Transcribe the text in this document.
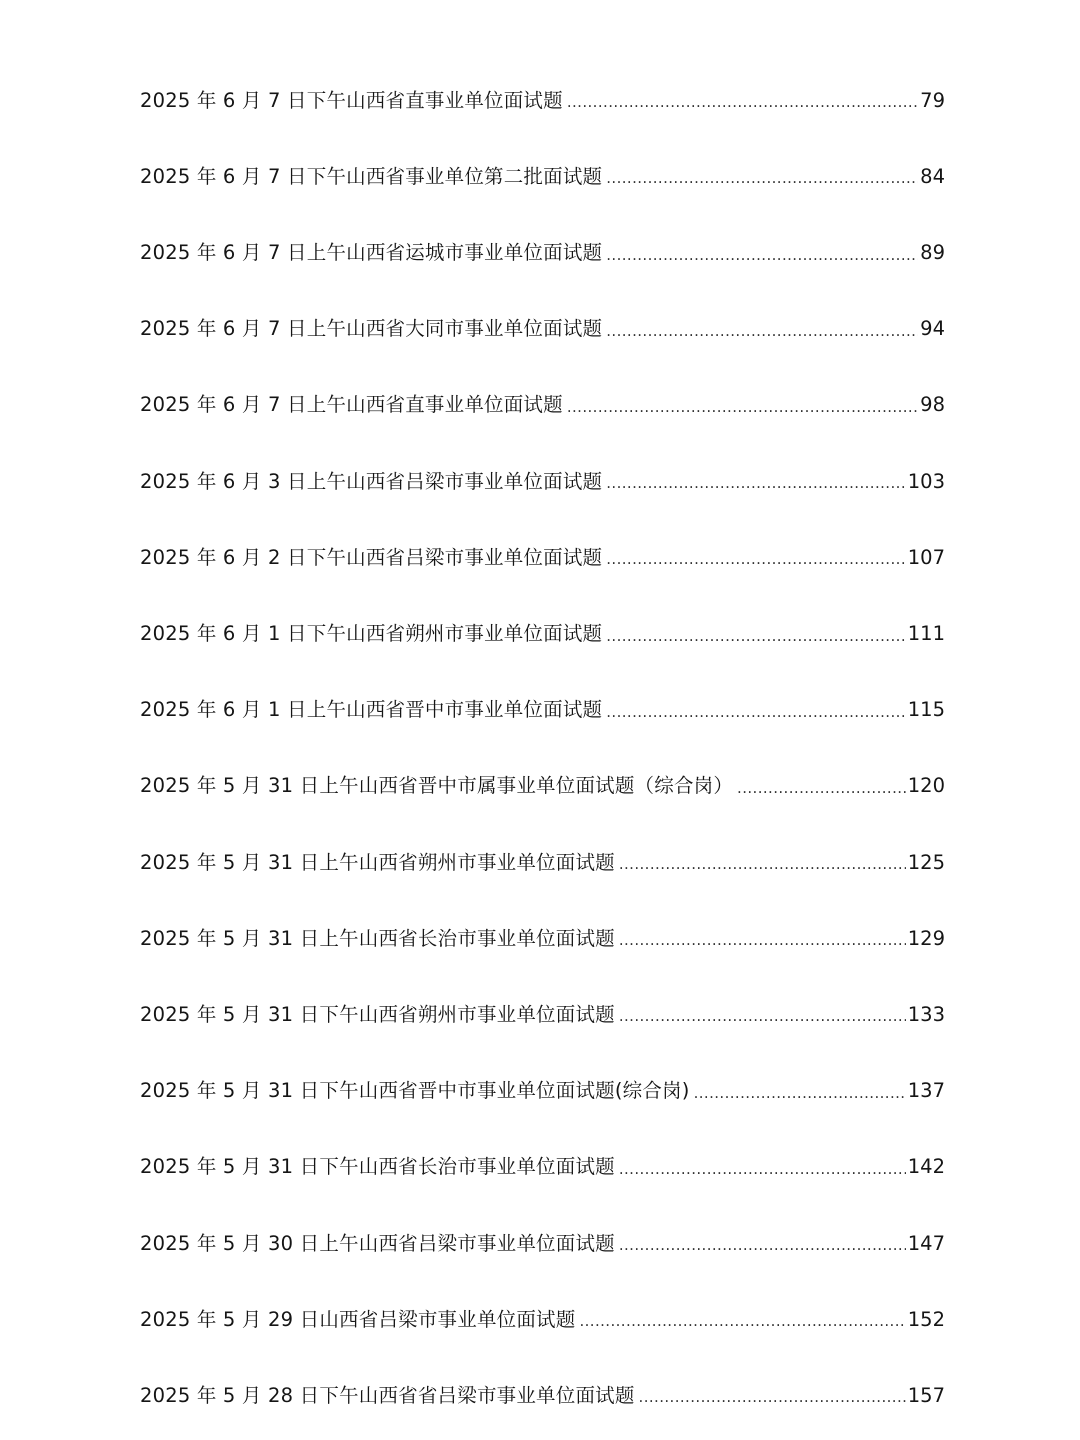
2025 年 6 月 7 日下午山西省直事业单位面试题 .....	79
2025 年 6 月 7 日下午山西省事业单位第二批面试题 .....	84
2025 年 6 月 7 日上午山西省运城市事业单位面试题 .....	89
2025 年 6 月 7 日上午山西省大同市事业单位面试题 .....	94
2025 年 6 月 7 日上午山西省直事业单位面试题 .....	98
2025 年 6 月 3 日上午山西省吕梁市事业单位面试题 .....	103
2025 年 6 月 2 日下午山西省吕梁市事业单位面试题 .....	107
2025 年 6 月 1 日下午山西省朔州市事业单位面试题 .....	111
2025 年 6 月 1 日上午山西省晋中市事业单位面试题 .....	115
2025 年 5 月 31 日上午山西省晋中市属事业单位面试题（综合岗） .....	120
2025 年 5 月 31 日上午山西省朔州市事业单位面试题 .....	125
2025 年 5 月 31 日上午山西省长治市事业单位面试题 .....	129
2025 年 5 月 31 日下午山西省朔州市事业单位面试题 .....	133
2025 年 5 月 31 日下午山西省晋中市事业单位面试题(综合岗) .....	137
2025 年 5 月 31 日下午山西省长治市事业单位面试题 .....	142
2025 年 5 月 30 日上午山西省吕梁市事业单位面试题 .....	147
2025 年 5 月 29 日山西省吕梁市事业单位面试题 .....	152
2025 年 5 月 28 日下午山西省省吕梁市事业单位面试题 .....	157
